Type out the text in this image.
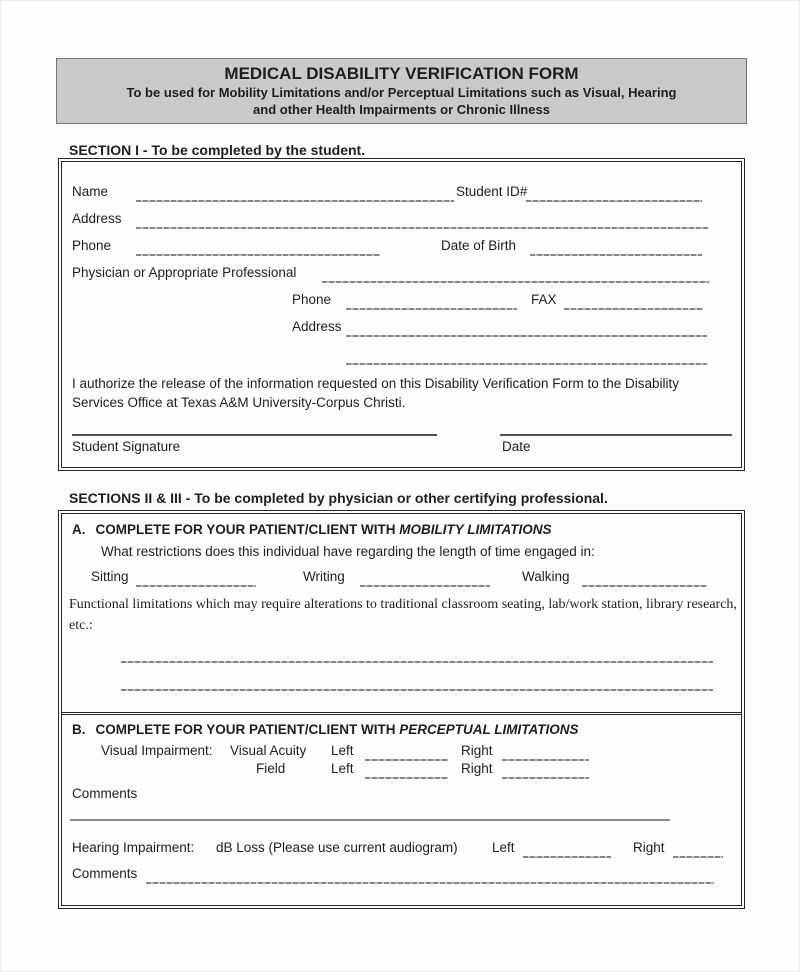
MEDICAL DISABILITY VERIFICATION FORM
To be used for Mobility Limitations and/or Perceptual Limitations such as Visual, Hearing
and other Health Impairments or Chronic Illness
SECTION I - To be completed by the student.
Name	Student ID#
Address
Phone	Date of Birth
Physician or Appropriate Professional
Phone	FAX
Address
I authorize the release of the information requested on this Disability Verification Form to the Disability Services Office at Texas A&M University-Corpus Christi.
Student Signature	Date
SECTIONS II & III - To be completed by physician or other certifying professional.
A. COMPLETE FOR YOUR PATIENT/CLIENT WITH MOBILITY LIMITATIONS
What restrictions does this individual have regarding the length of time engaged in:
Sitting	Writing	Walking
Functional limitations which may require alterations to traditional classroom seating, lab/work station, library research, etc.:
B. COMPLETE FOR YOUR PATIENT/CLIENT WITH PERCEPTUAL LIMITATIONS
Visual Impairment: Visual Acuity Left	Right
Field	Left	Right
Comments
Hearing Impairment: dB Loss (Please use current audiogram)	Left	Right
Comments
